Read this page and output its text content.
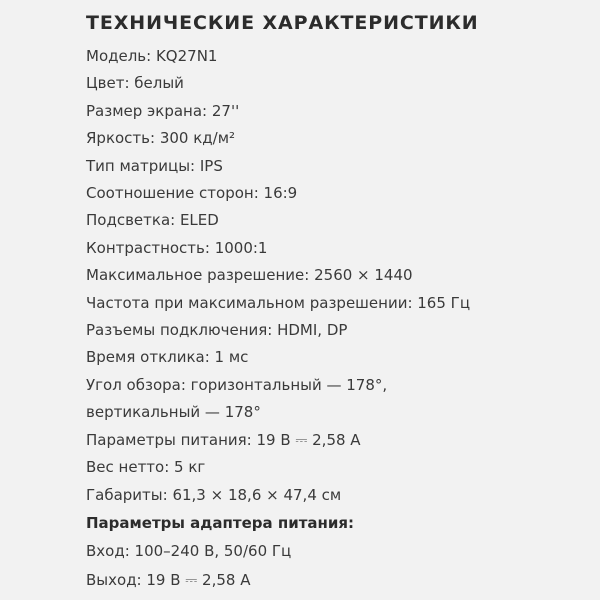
ТЕХНИЧЕСКИЕ ХАРАКТЕРИСТИКИ
Модель: KQ27N1
Цвет: белый
Размер экрана: 27''
Яркость: 300 кд/м²
Тип матрицы: IPS
Соотношение сторон: 16:9
Подсветка: ELED
Контрастность: 1000:1
Максимальное разрешение: 2560 × 1440
Частота при максимальном разрешении: 165 Гц
Разъемы подключения: HDMI, DP
Время отклика: 1 мс
Угол обзора: горизонтальный — 178°,
вертикальный — 178°
Параметры питания: 19 В ⎓ 2,58 А
Вес нетто: 5 кг
Габариты: 61,3 × 18,6 × 47,4 см
Параметры адаптера питания:
Вход: 100–240 В, 50/60 Гц
Выход: 19 В ⎓ 2,58 А
